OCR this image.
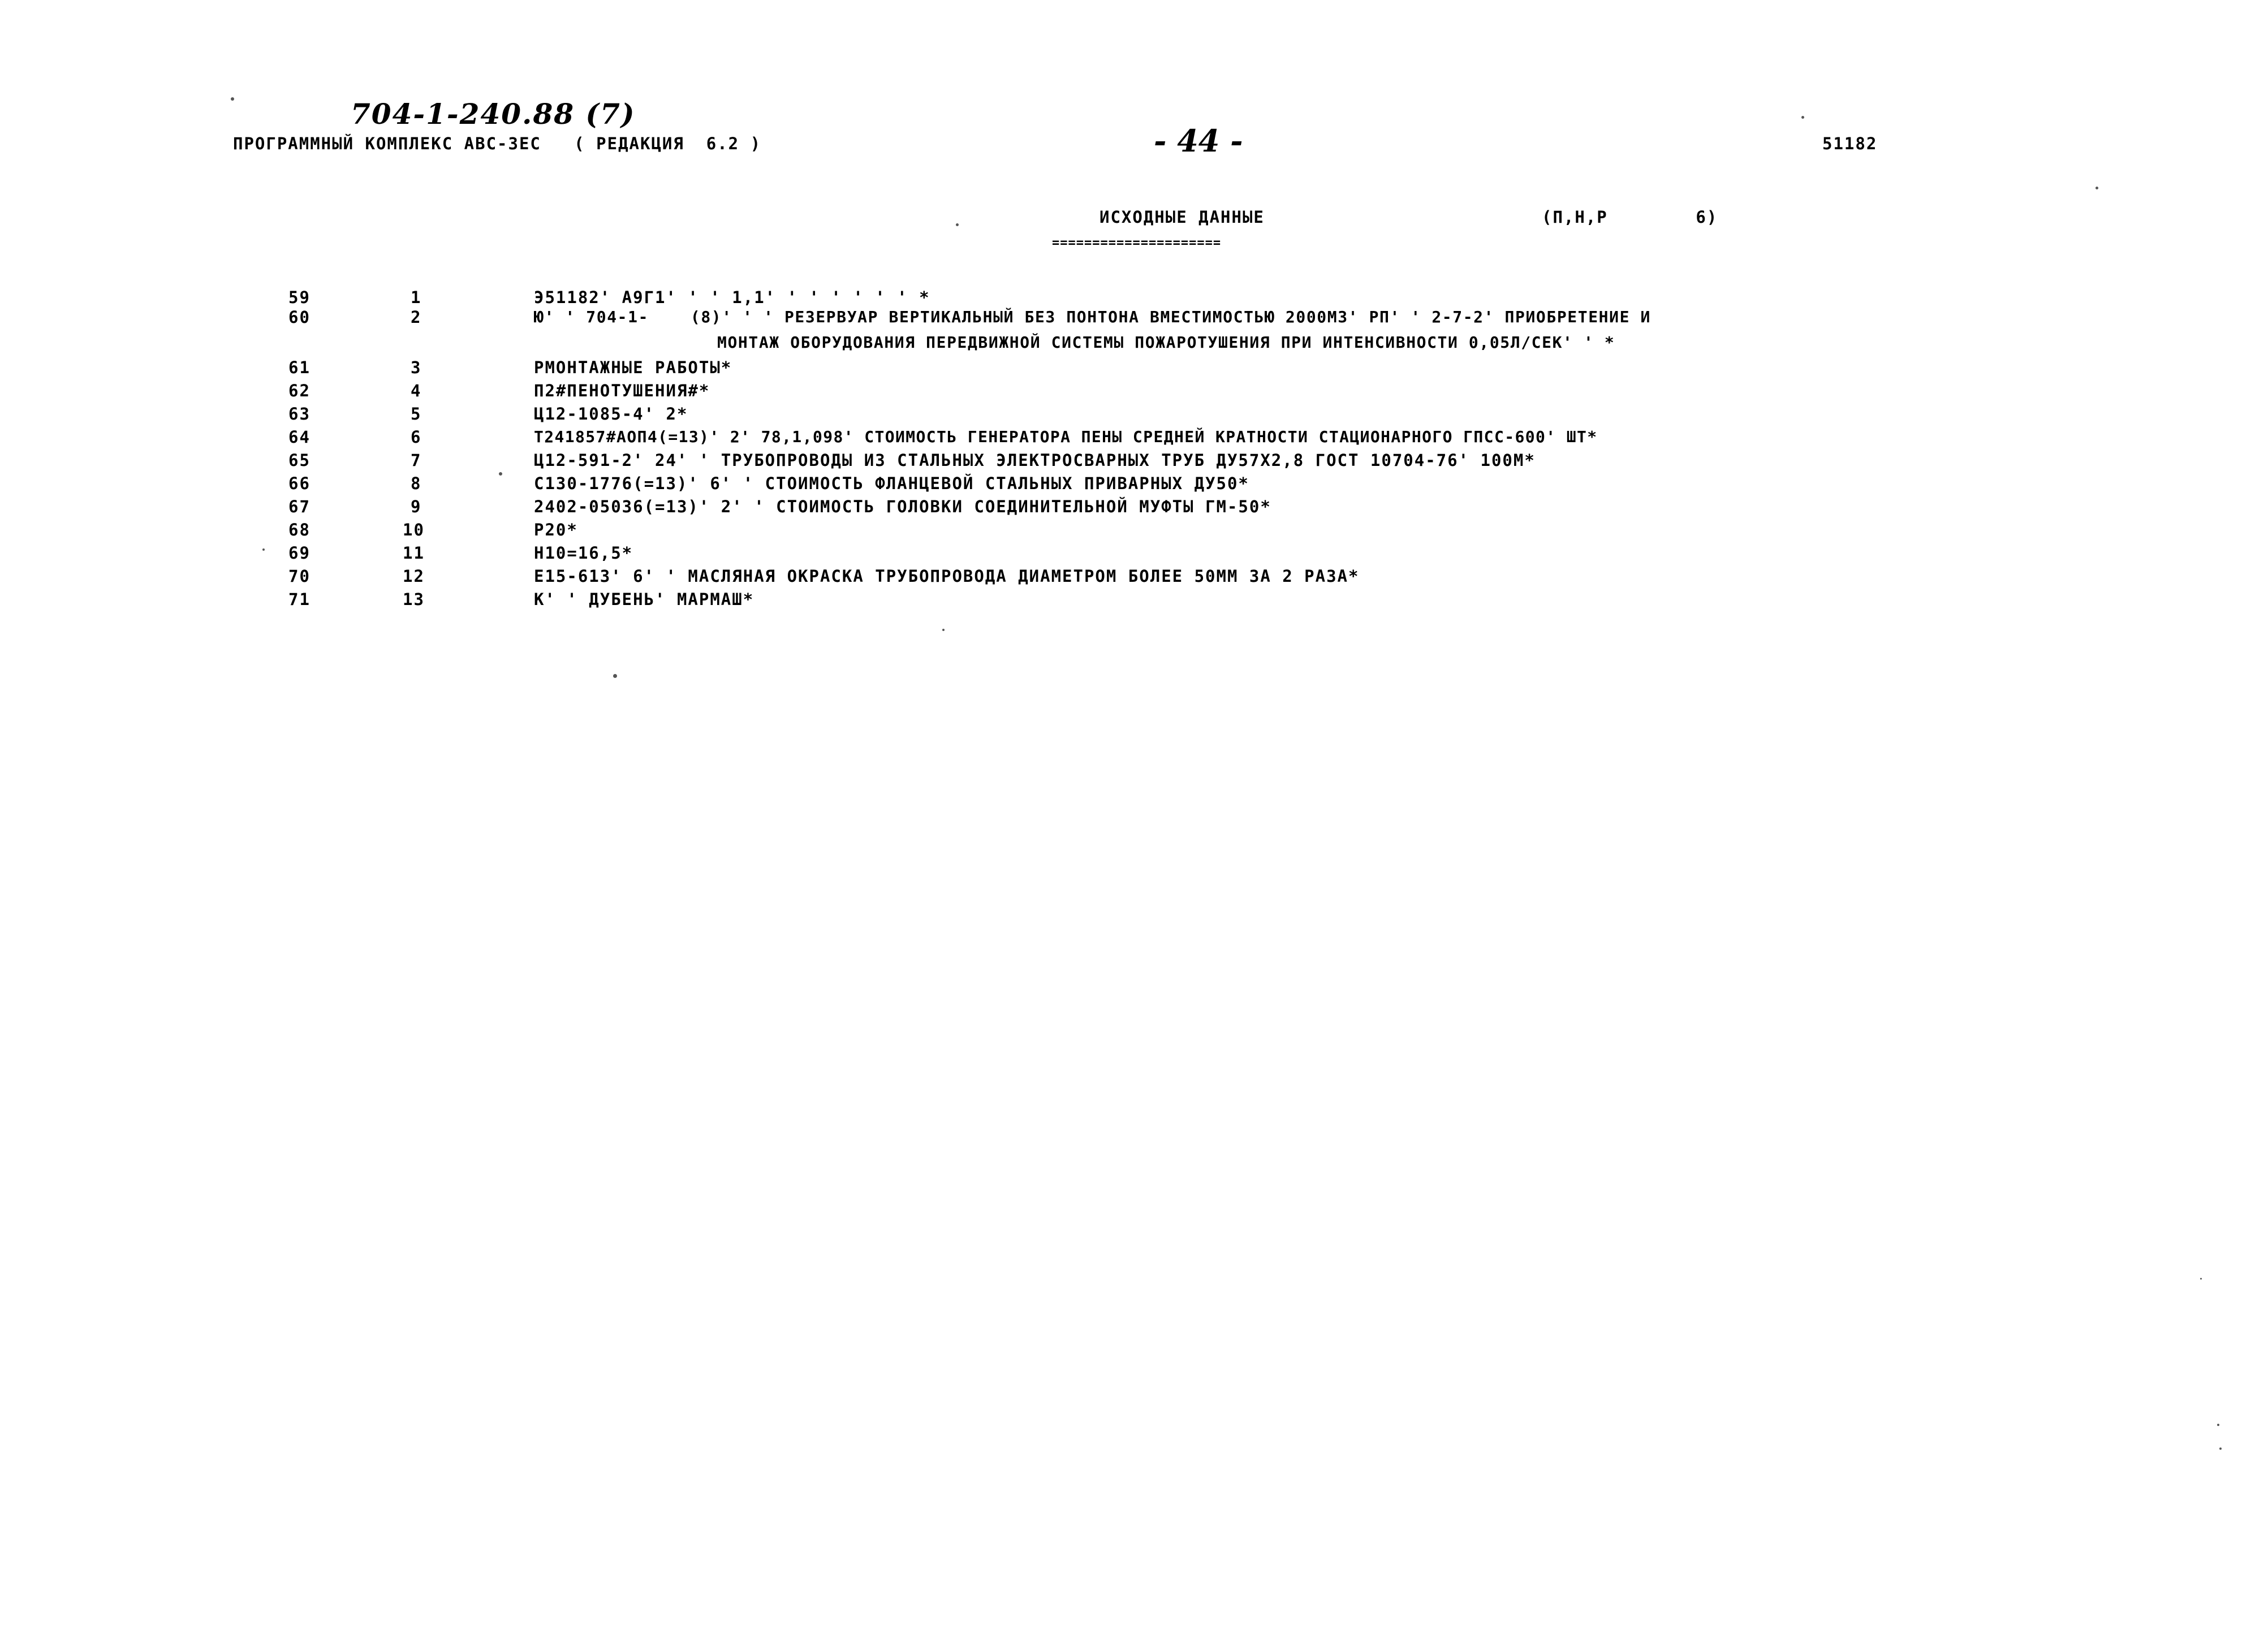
704-1-240.88 (7)
ПРОГРАММНЫЙ КОМПЛЕКС АВС-3ЕС   ( РЕДАКЦИЯ  6.2 )	- 44 -	51182
ИСХОДНЫЕ ДАННЫЕ
=====================
(П,Н,Р        6)
59	1	Э51182' А9Г1' ' ' 1,1' ' ' ' ' ' ' *
60	2	Ю' ' 704-1-    (8)' ' ' РЕЗЕРВУАР ВЕРТИКАЛЬНЫЙ БЕЗ ПОНТОНА ВМЕСТИМОСТЬЮ 2000М3' РП' ' 2-7-2' ПРИОБРЕТЕНИЕ И
МОНТАЖ ОБОРУДОВАНИЯ ПЕРЕДВИЖНОЙ СИСТЕМЫ ПОЖАРОТУШЕНИЯ ПРИ ИНТЕНСИВНОСТИ 0,05Л/СЕК' ' *
61	3	РМОНТАЖНЫЕ РАБОТЫ*
62	4	П2#ПЕНОТУШЕНИЯ#*
63	5	Ц12-1085-4' 2*
64	6	Т241857#АОП4(=13)' 2' 78,1,098' СТОИМОСТЬ ГЕНЕРАТОРА ПЕНЫ СРЕДНЕЙ КРАТНОСТИ СТАЦИОНАРНОГО ГПСС-600' ШТ*
65	7	Ц12-591-2' 24' ' ТРУБОПРОВОДЫ ИЗ СТАЛЬНЫХ ЭЛЕКТРОСВАРНЫХ ТРУБ ДУ57Х2,8 ГОСТ 10704-76' 100М*
66	8	С130-1776(=13)' 6' ' СТОИМОСТЬ ФЛАНЦЕВОЙ СТАЛЬНЫХ ПРИВАРНЫХ ДУ50*
67	9	2402-05036(=13)' 2' ' СТОИМОСТЬ ГОЛОВКИ СОЕДИНИТЕЛЬНОЙ МУФТЫ ГМ-50*
68	10	Р20*
69	11	Н10=16,5*
70	12	Е15-613' 6' ' МАСЛЯНАЯ ОКРАСКА ТРУБОПРОВОДА ДИАМЕТРОМ БОЛЕЕ 50ММ ЗА 2 РАЗА*
71	13	К' ' ДУБЕНЬ' МАРМАШ*
